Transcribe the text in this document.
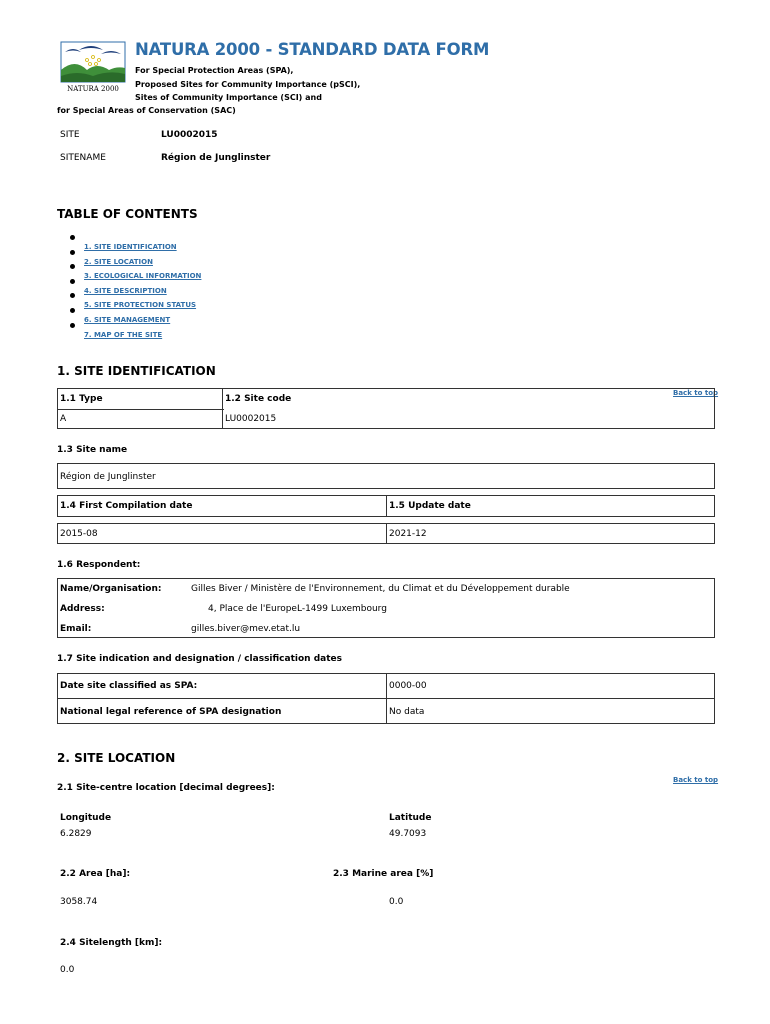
NATURA 2000
NATURA 2000 - STANDARD DATA FORM
For Special Protection Areas (SPA),
Proposed Sites for Community Importance (pSCI),
Sites of Community Importance (SCI) and
for Special Areas of Conservation (SAC)
SITE	LU0002015
SITENAME	Région de Junglinster
TABLE OF CONTENTS
1. SITE IDENTIFICATION
2. SITE LOCATION
3. ECOLOGICAL INFORMATION
4. SITE DESCRIPTION
5. SITE PROTECTION STATUS
6. SITE MANAGEMENT
7. MAP OF THE SITE
1. SITE IDENTIFICATION
Back to top
1.1 Type	1.2 Site code
A	LU0002015
1.3 Site name
Région de Junglinster
1.4 First Compilation date	1.5 Update date
2015-08	2021-12
1.6 Respondent:
Name/Organisation:	Gilles Biver / Ministère de l'Environnement, du Climat et du Développement durable
Address:	4, Place de l'EuropeL-1499 Luxembourg
Email:	gilles.biver@mev.etat.lu
1.7 Site indication and designation / classification dates
Date site classified as SPA:	0000-00
National legal reference of SPA designation	No data
2. SITE LOCATION
Back to top
2.1 Site-centre location [decimal degrees]:
Longitude
6.2829
Latitude
49.7093
2.2 Area [ha]:	2.3 Marine area [%]
3058.74	0.0
2.4 Sitelength [km]:
0.0
